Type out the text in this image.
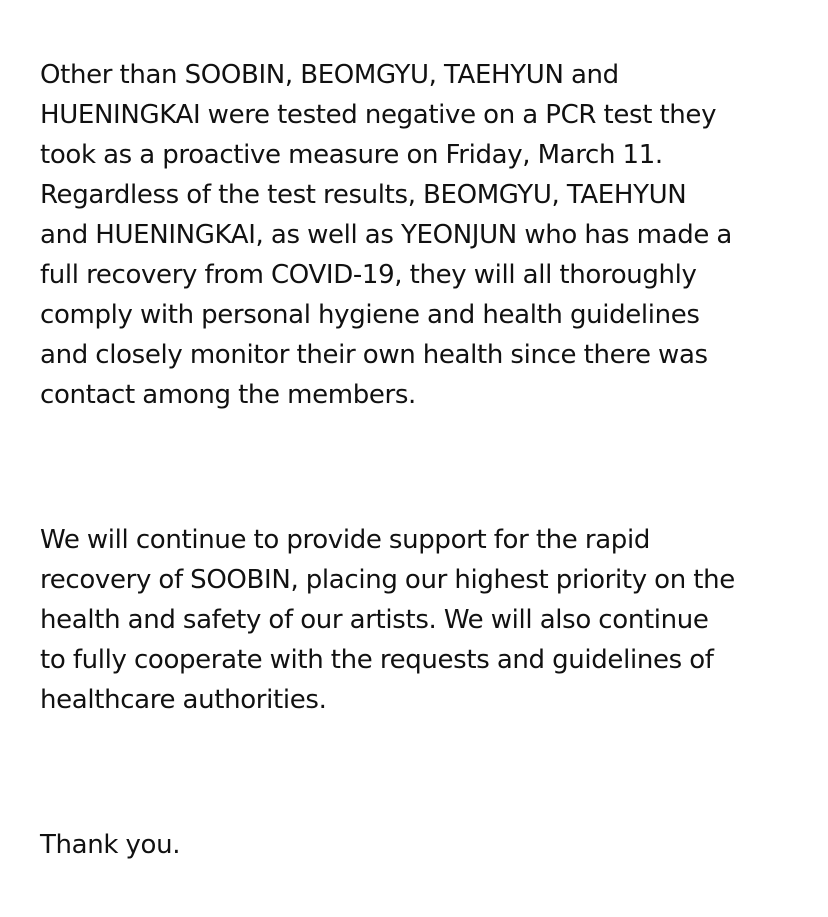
Other than SOOBIN, BEOMGYU, TAEHYUN and

HUENINGKAI were tested negative on a PCR test they

took as a proactive measure on Friday, March 11.

Regardless of the test results, BEOMGYU, TAEHYUN

and HUENINGKAI, as well as YEONJUN who has made a

full recovery from COVID-19, they will all thoroughly

comply with personal hygiene and health guidelines

and closely monitor their own health since there was

contact among the members.

We will continue to provide support for the rapid

recovery of SOOBIN, placing our highest priority on the

health and safety of our artists. We will also continue

to fully cooperate with the requests and guidelines of

healthcare authorities.

Thank you.
